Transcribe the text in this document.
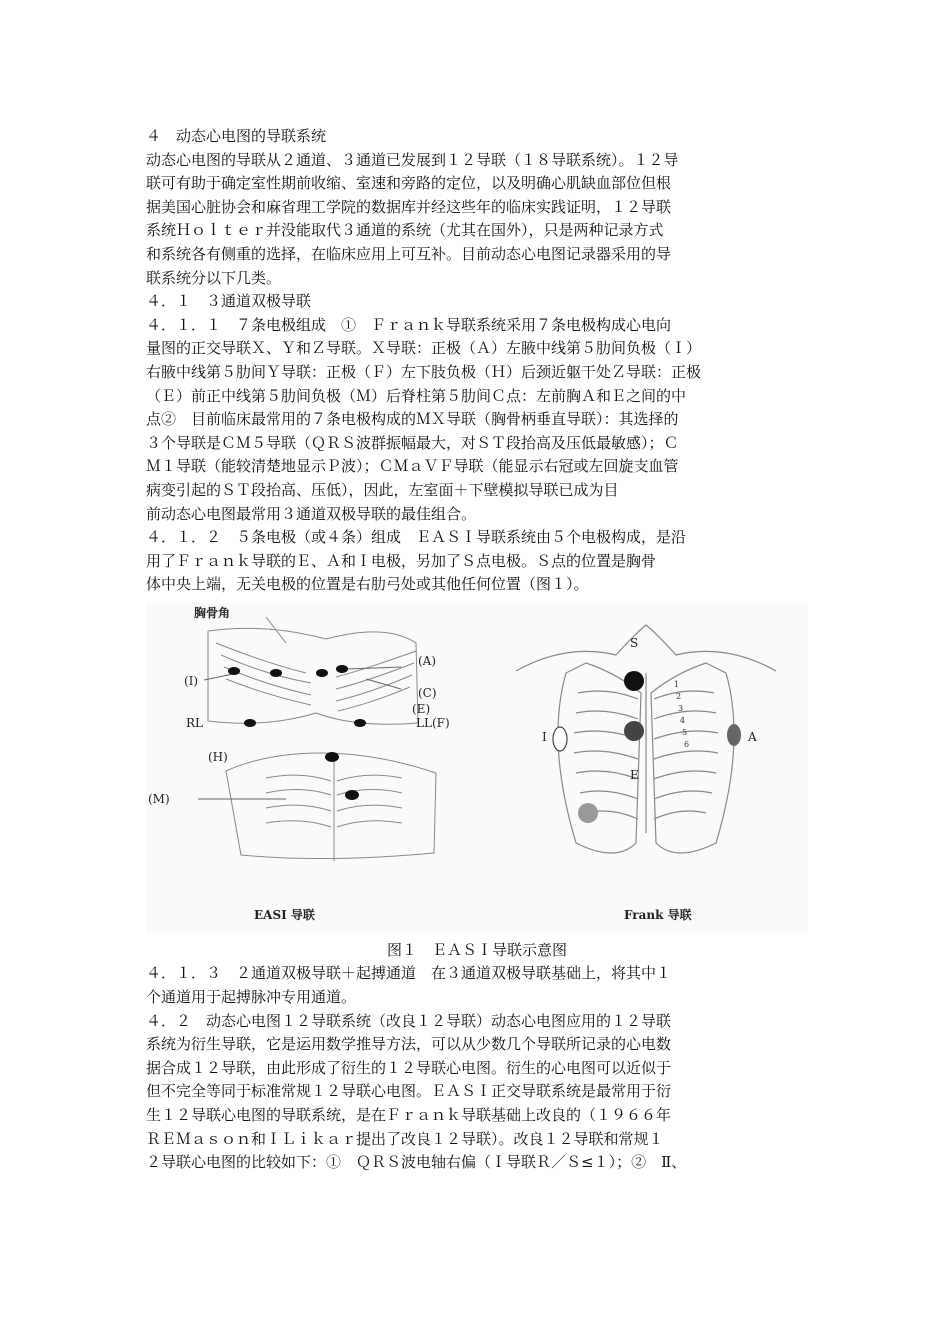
４　动态心电图的导联系统
动态心电图的导联从２通道、３通道已发展到１２导联（１８导联系统）。１２导
联可有助于确定室性期前收缩、室速和旁路的定位，以及明确心肌缺血部位但根
据美国心脏协会和麻省理工学院的数据库并经这些年的临床实践证明，１２导联
系统Ｈｏｌｔｅｒ并没能取代３通道的系统（尤其在国外），只是两种记录方式
和系统各有侧重的选择，在临床应用上可互补。目前动态心电图记录器采用的导
联系统分以下几类。
４．１　３通道双极导联
４．１．１　７条电极组成　①　Ｆｒａｎｋ导联系统采用７条电极构成心电向
量图的正交导联Ｘ、Ｙ和Ｚ导联。Ｘ导联：正极（Ａ）左腋中线第５肋间负极（Ｉ）
右腋中线第５肋间Ｙ导联：正极（Ｆ）左下肢负极（Ｈ）后颈近躯干处Ｚ导联：正极
（Ｅ）前正中线第５肋间负极（Ｍ）后脊柱第５肋间Ｃ点：左前胸Ａ和Ｅ之间的中
点②　目前临床最常用的７条电极构成的ＭＸ导联（胸骨柄垂直导联）：其选择的
３个导联是ＣＭ５导联（ＱＲＳ波群振幅最大，对ＳＴ段抬高及压低最敏感）；Ｃ
Ｍ１导联（能较清楚地显示Ｐ波）；ＣＭａＶＦ导联（能显示右冠或左回旋支血管
病变引起的ＳＴ段抬高、压低），因此，左室面＋下壁模拟导联已成为目
前动态心电图最常用３通道双极导联的最佳组合。
４．１．２　５条电极（或４条）组成　ＥＡＳＩ导联系统由５个电极构成，是沿
用了Ｆｒａｎｋ导联的Ｅ、Ａ和Ｉ电极，另加了Ｓ点电极。Ｓ点的位置是胸骨
体中央上端，无关电极的位置是右肋弓处或其他任何位置（图１）。
胸骨角
(I)
(A)
(C)
(E)
RL	LL(F)
(H)
(M)
EASI 导联
S
I	A
E
1
2
3
4
5
6
Frank 导联
图１　ＥＡＳＩ导联示意图
４．１．３　２通道双极导联＋起搏通道　在３通道双极导联基础上，将其中１
个通道用于起搏脉冲专用通道。
４．２　动态心电图１２导联系统（改良１２导联）动态心电图应用的１２导联
系统为衍生导联，它是运用数学推导方法，可以从少数几个导联所记录的心电数
据合成１２导联，由此形成了衍生的１２导联心电图。衍生的心电图可以近似于
但不完全等同于标准常规１２导联心电图。ＥＡＳＩ正交导联系统是最常用于衍
生１２导联心电图的导联系统，是在Ｆｒａｎｋ导联基础上改良的（１９６６年
ＲＥＭａｓｏｎ和ＩＬｉｋａｒ提出了改良１２导联）。改良１２导联和常规１
２导联心电图的比较如下：①　ＱＲＳ波电轴右偏（Ｉ导联Ｒ／Ｓ≤１）；②　Ⅱ、
